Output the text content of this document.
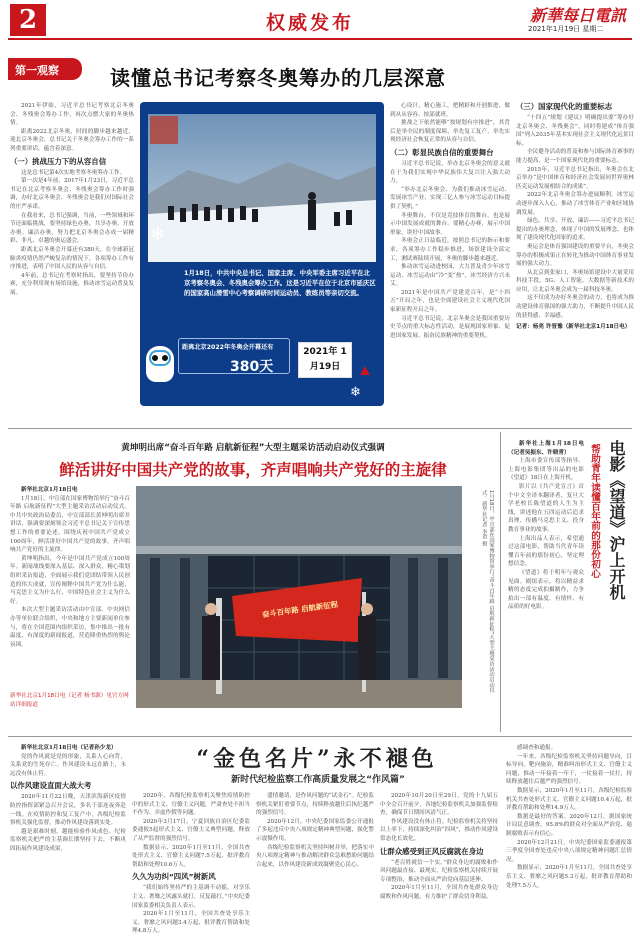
2	权威发布	新華每日電訊
2021年1月19日 星期二
第一观察	读懂总书记考察冬奥筹办的几层深意

2021年伊始，习近平总书记考察北京冬奥会、冬残奥会筹办工作，再次点燃大家的冬奥热情。

距离2022北京冬奥，时间的脚步越来越近，迎北京冬奥会，总书记关于冬奥会筹办工作的一系列重要讲话，蕴含着深意。

（一）挑战压力下的从容自信

这是总书记第4次实地考察冬奥筹办工作。

第一次是4年前，2017年1月23日，习近平总书记在北京考察冬奥会、冬残奥会筹办工作时强调，办好北京冬奥会、冬残奥会是我们对国际社会的庄严承诺。

在我看来，总书记强调，当前，一些领域和环节还面临挑战，要坚持绿色办奥、共享办奥、开放办奥、廉洁办奥，努力把北京冬奥会办成一届精彩、非凡、卓越的奥运盛会。

距离北京冬奥会开幕还有380天，在全球新冠肺炎疫情仍然严峻复杂的情况下，各项筹办工作有序推进，表明了中国人民的从容与自信。

4年前，总书记在考察时指出，要坚持节俭办赛，充分利用现有场馆设施，推动冰雪运动普及发展。

❄
1月18日，中共中央总书记、国家主席、中央军委主席习近平在北京考察冬奥会、冬残奥会筹办工作。这是习近平在位于北京市延庆区的国家高山滑雪中心考察调研时同运动员、教练员等亲切交流。
距离北京2022年冬奥会开幕还有
380天
2021年 1月19日
❄

心设计，精心施工，把精彩和开创推进，做到从从容容、按部就班。

挑战之下依然能够“按规划有序推进”，其背后是举全民的制度保障，举先复工复产、举先实现经济社会恢复正常的从容与自信。

（二）彰显民族自信的重要舞台

习近平总书记说，举办北京冬奥会的意义就在于为我们实现中华民族伟大复兴注入强大动力。

“举办北京冬奥会，为我们推动冰雪运动、发展冰雪产业，实现三亿人参与冰雪运动目标提供了契机。”

冬奥舞台，不仅是竞技体育的舞台，也是展示中国发展成就的舞台。要精心办赛，展示中国形象，讲好中国故事。

冬奥会正日益临近，按照总书记的指示和要求，各项筹办工作稳步推进，场馆建设全部完工，测试赛陆续开展，冬奥的脚步越来越近。

推动冰雪运动进校园，大力普及青少年冰雪运动，冰雪运动由“冷”变“热”，冰雪经济方兴未艾。

2021年是中国共产党建党百年，是“十四五”开局之年，也是全面建设社会主义现代化国家新征程开启之年。

习近平总书记说，北京冬奥会是我国重要历史节点的重大标志性活动，是展现国家形象、促进国家发展、振奋民族精神的重要契机。

（三）国家现代化的重要标志

“十四五”规划《建议》明确提出要“筹办好北京冬奥会、冬残奥会”，同时将建成“体育强国”列入2035年基本实现社会主义现代化远景目标。

全民健身活动的普及和参与国际体育赛事的能力提高，是一个国家现代化的重要标志。

2015年，习近平总书记指出，冬奥会在北京举办“是中国体育和经济社会发展同世界奥林匹克运动发展相结合的成果”。

2022年北京冬奥会筹办进展顺利，冰雪运动逐步深入人心，推动了冰雪体育产业和区域协调发展。

绿色、共享、开放、廉洁——习近平总书记提出的办奥理念，体现了中国的发展理念，也体现了建设现代化国家的追求。

奥运会是体育强国建设的重要平台，冬奥会筹办的积极成果正在转化为推动中国体育事业发展的强大动力。

从北京到张家口，冬奥场馆建设中大量采用科技手段，5G、人工智能、大数据等新技术的应用，让北京冬奥会成为一届科技冬奥。

这不仅成为办好冬奥会的动力，也将成为推动建设体育强国的强大助力，不断提升中国人民的获得感、幸福感。

记者：杨亮 许晋豫（新华社北京1月18日电）
黄坤明出席“奋斗百年路 启航新征程”大型主题采访活动启动仪式强调
鲜活讲好中国共产党的故事，齐声唱响共产党好的主旋律

新华社北京1月18日电

1月18日，中宣部在国家博物馆举行“奋斗百年路 启航新征程”大型主题采访活动启动仪式。中共中央政治局委员、中宣部部长黄坤明出席并讲话，强调要深刻领会习近平总书记关于宣传思想工作的重要论述，围绕庆祝中国共产党成立100周年，鲜活讲好中国共产党的故事，齐声唱响共产党好的主旋律。

黄坤明指出，今年是中国共产党成立100周年。新闻战线要深入基层、深入群众，精心策划组织采访报道，全面展示我们党团结带领人民创造的伟大成就，宣传阐释中国共产党为什么能、马克思主义为什么行、中国特色社会主义为什么好。

本次大型主题采访活动由中宣部、中央网信办等单位联合组织，中央和地方主要新闻单位参与，将在全国范围内组织采访，集中推出一批有温度、有深度的新闻报道，营造隆重热烈的舆论氛围。

新华社北京1月18日电（记者 杨书源）见官方网站详细报道
奋斗百年路 启航新征程	1月18日，中宣部在国家博物馆举行“奋斗百年路 启航新征程”大型主题采访活动启动仪式。新华社记者 李贺 摄	电影《望道》沪上开机
帮助青年读懂百年前的那份初心

新华社上海1月18日电（记者吴振东、许晓青）

上海市委宣传部等指导、上海电影集团等出品的电影《望道》18日在上海开机。

影片以《共产党宣言》首个中文全译本翻译者、复旦大学老校长陈望道的人生为主线，讲述他在五四运动后追求真理、传播马克思主义、投身教育事业的故事。

上海出品人表示，希望通过这部电影，帮助当代青年读懂百年前的那份初心，坚定理想信念。

《望道》将于明年与观众见面。剧组表示，将以精益求精的态度完成拍摄制作，力争拍出一部有温度、有情怀、有品质的好电影。

“金色名片”永不褪色
新时代纪检监察工作高质量发展之“作风篇”

新华社北京1月18日电（记者孙少龙）

党的作风就是党的形象，关系人心向背，关系党的生死存亡。作风建设永远在路上，永远没有休止符。

以作风建设直面大战大考

2020年11月22日晚，天津滨海新区疫情防控指挥部紧急召开会议，多名干部连夜奔赴一线。在疫情防控和复工复产中，各级纪检监察机关强化监督，推动作风建设落到实处。

越是艰难时刻，越能检验作风成色。纪检监察机关把严的主基调长期坚持下去，不断巩固拓展作风建设成果。

2020年，各级纪检监察机关聚焦疫情防控中的形式主义、官僚主义问题，严肃查处不担当不作为、弄虚作假等问题。

2020年3月17日，宁夏回族自治区纪委监委通报5起形式主义、官僚主义典型问题，释放了从严监督的强烈信号。

数据显示，2020年1月至11月，全国共查处形式主义、官僚主义问题7.5万起，批评教育帮助和处理10.6万人。

久久为功纠“四风”树新风

“我们始终坚持严的主基调不动摇，对享乐主义、奢靡之风露头就打、反复敲打。”中央纪委国家监委相关负责人表示。

2020年1月至11月，全国共查处享乐主义、奢靡之风问题3.4万起，批评教育帮助和处理4.8万人。

盛情邀请，是作风问题的“试金石”。纪检监察机关紧盯重要节点，持续释放越往后执纪越严的强烈信号。

2020年12月，中央纪委国家监委公开通报了多起违反中央八项规定精神典型问题，强化警示震慑作用。

各级纪检监察机关坚持纠树并举，把落实中央八项规定精神与推动解决群众急难愁盼问题结合起来，以作风建设新成效凝聚党心民心。

2020年10月20日至29日，党的十九届五中全会召开前夕，各地纪检监察机关加强监督检查，确保节日期间风清气正。

作风建设没有休止符。纪检监察机关将坚持以上率下，持续深化纠治“四风”，推动作风建设常态化长效化。

让群众感受到正风反腐就在身边

“老百姓就信一个实。”群众身边的腐败和作风问题最直接、最现实，纪检监察机关持续开展专项整治，推动全面从严治党向基层延伸。

2020年1月至11月，全国共查处群众身边腐败和作风问题，有力维护了群众切身利益。

感调查和通报。

一年来，各级纪检监察机关坚持问题导向，目标导向，靶向施治，精准纠治形式主义、官僚主义问题，推动一年接着一年干，一仗接着一仗打，持续释放越往后越严的强烈信号。

数据显示，2020年1月至11月，各级纪检监察机关共查处形式主义、官僚主义问题10.4万起，批评教育帮助和处理14.9万人。

数据是最好的答案。2020年12月，据国家统计局民意调查，95.8%的群众对全面从严治党、遏制腐败表示有信心。

2020年12月21日，中央纪委国家监委通报第三季度全国查处违反中央八项规定精神问题汇总情况。

数据显示，2020年1月至11月，全国共查处享乐主义、奢靡之风问题5.3万起，批评教育帮助和处理7.5万人。
